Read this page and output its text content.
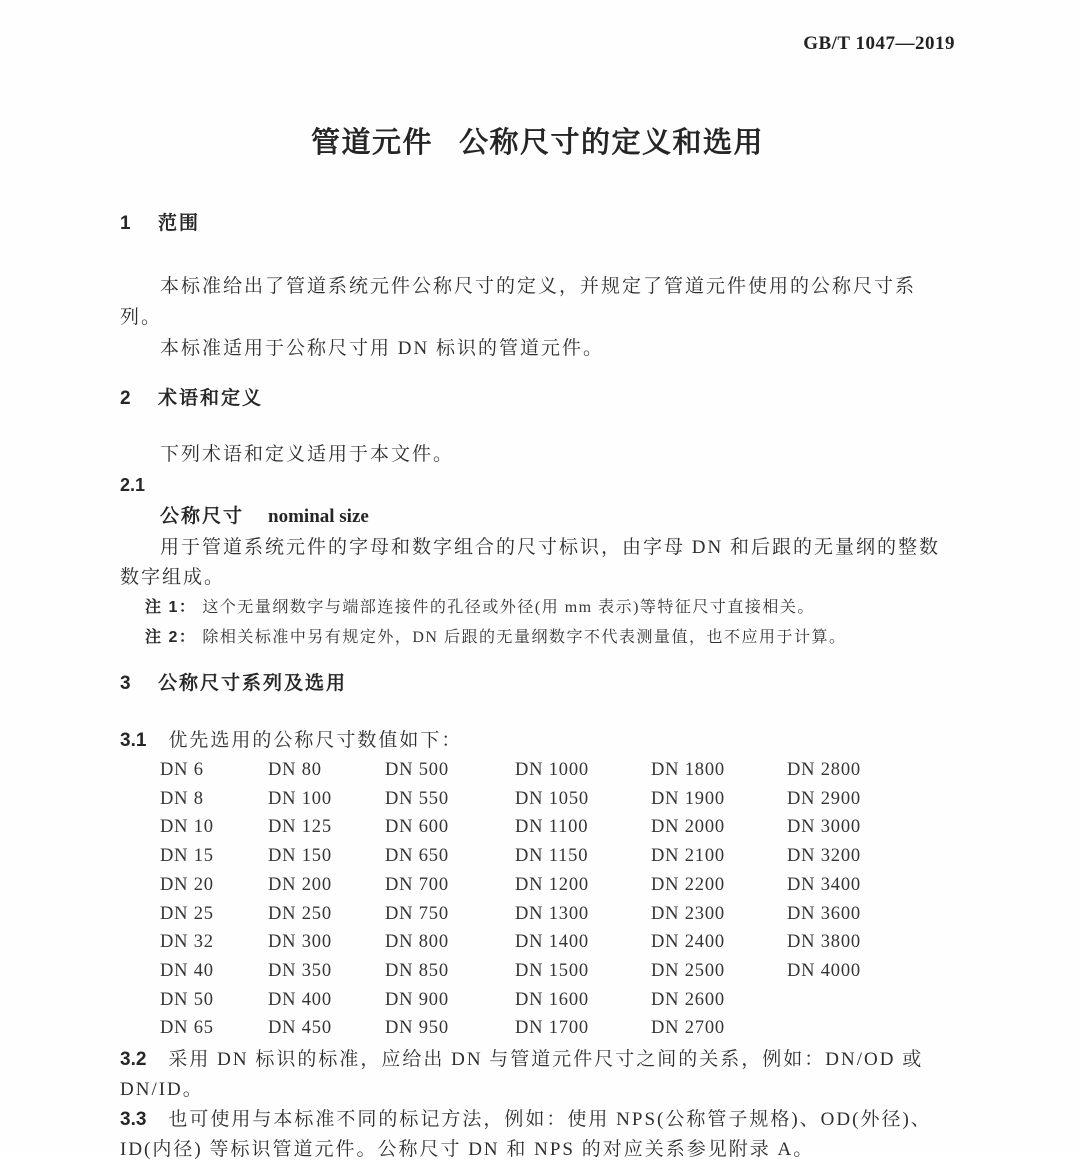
GB/T 1047—2019
管道元件 公称尺寸的定义和选用
1 范围

本标准给出了管道系统元件公称尺寸的定义，并规定了管道元件使用的公称尺寸系列。

本标准适用于公称尺寸用 DN 标识的管道元件。

2 术语和定义

下列术语和定义适用于本文件。

2.1
公称尺寸 nominal size

用于管道系统元件的字母和数字组合的尺寸标识，由字母 DN 和后跟的无量纲的整数数字组成。

注 1： 这个无量纲数字与端部连接件的孔径或外径(用 mm 表示)等特征尺寸直接相关。

注 2： 除相关标准中另有规定外，DN 后跟的无量纲数字不代表测量值，也不应用于计算。

3 公称尺寸系列及选用

3.1 优先选用的公称尺寸数值如下：

DN 6	DN 80	DN 500	DN 1000	DN 1800	DN 2800
DN 8	DN 100	DN 550	DN 1050	DN 1900	DN 2900
DN 10	DN 125	DN 600	DN 1100	DN 2000	DN 3000
DN 15	DN 150	DN 650	DN 1150	DN 2100	DN 3200
DN 20	DN 200	DN 700	DN 1200	DN 2200	DN 3400
DN 25	DN 250	DN 750	DN 1300	DN 2300	DN 3600
DN 32	DN 300	DN 800	DN 1400	DN 2400	DN 3800
DN 40	DN 350	DN 850	DN 1500	DN 2500	DN 4000
DN 50	DN 400	DN 900	DN 1600	DN 2600
DN 65	DN 450	DN 950	DN 1700	DN 2700

3.2 采用 DN 标识的标准，应给出 DN 与管道元件尺寸之间的关系，例如：DN/OD 或 DN/ID。

3.3 也可使用与本标准不同的标记方法，例如：使用 NPS(公称管子规格)、OD(外径)、ID(内径) 等标识管道元件。公称尺寸 DN 和 NPS 的对应关系参见附录 A。
